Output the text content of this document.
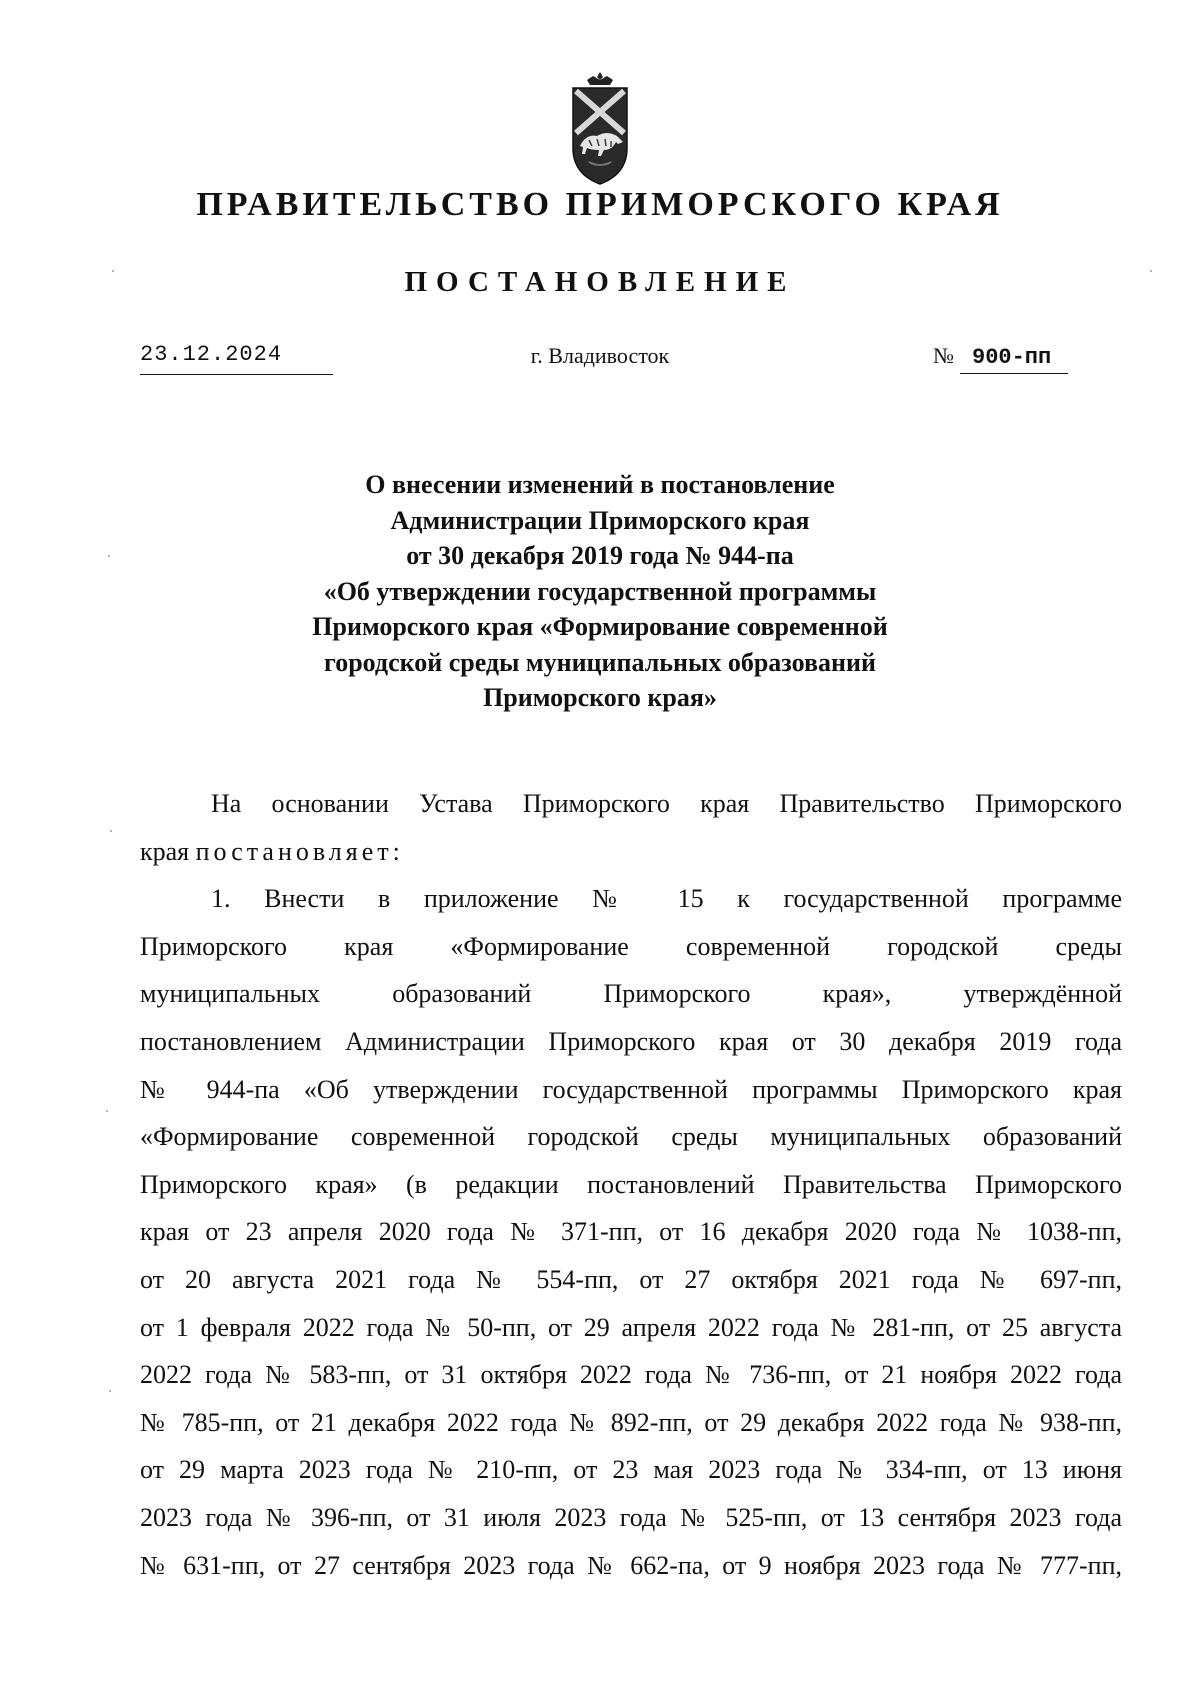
ПРАВИТЕЛЬСТВО ПРИМОРСКОГО КРАЯ
ПОСТАНОВЛЕНИЕ
23.12.2024	г. Владивосток	№ 900-пп
О внесении изменений в постановление
Администрации Приморского края
от 30 декабря 2019 года № 944-па
«Об утверждении государственной программы
Приморского края «Формирование современной
городской среды муниципальных образований
Приморского края»
На основании Устава Приморского края Правительство Приморского
края постановляет:
1. Внести в приложение № 15 к государственной программе
Приморского края «Формирование современной городской среды
муниципальных образований Приморского края», утверждённой
постановлением Администрации Приморского края от 30 декабря 2019 года
№ 944-па «Об утверждении государственной программы Приморского края
«Формирование современной городской среды муниципальных образований
Приморского края» (в редакции постановлений Правительства Приморского
края от 23 апреля 2020 года № 371-пп, от 16 декабря 2020 года № 1038-пп,
от 20 августа 2021 года № 554-пп, от 27 октября 2021 года № 697-пп,
от 1 февраля 2022 года № 50-пп, от 29 апреля 2022 года № 281-пп, от 25 августа
2022 года № 583-пп, от 31 октября 2022 года № 736-пп, от 21 ноября 2022 года
№ 785-пп, от 21 декабря 2022 года № 892-пп, от 29 декабря 2022 года № 938-пп,
от 29 марта 2023 года № 210-пп, от 23 мая 2023 года № 334-пп, от 13 июня
2023 года № 396-пп, от 31 июля 2023 года № 525-пп, от 13 сентября 2023 года
№ 631-пп, от 27 сентября 2023 года № 662-па, от 9 ноября 2023 года № 777-пп,
